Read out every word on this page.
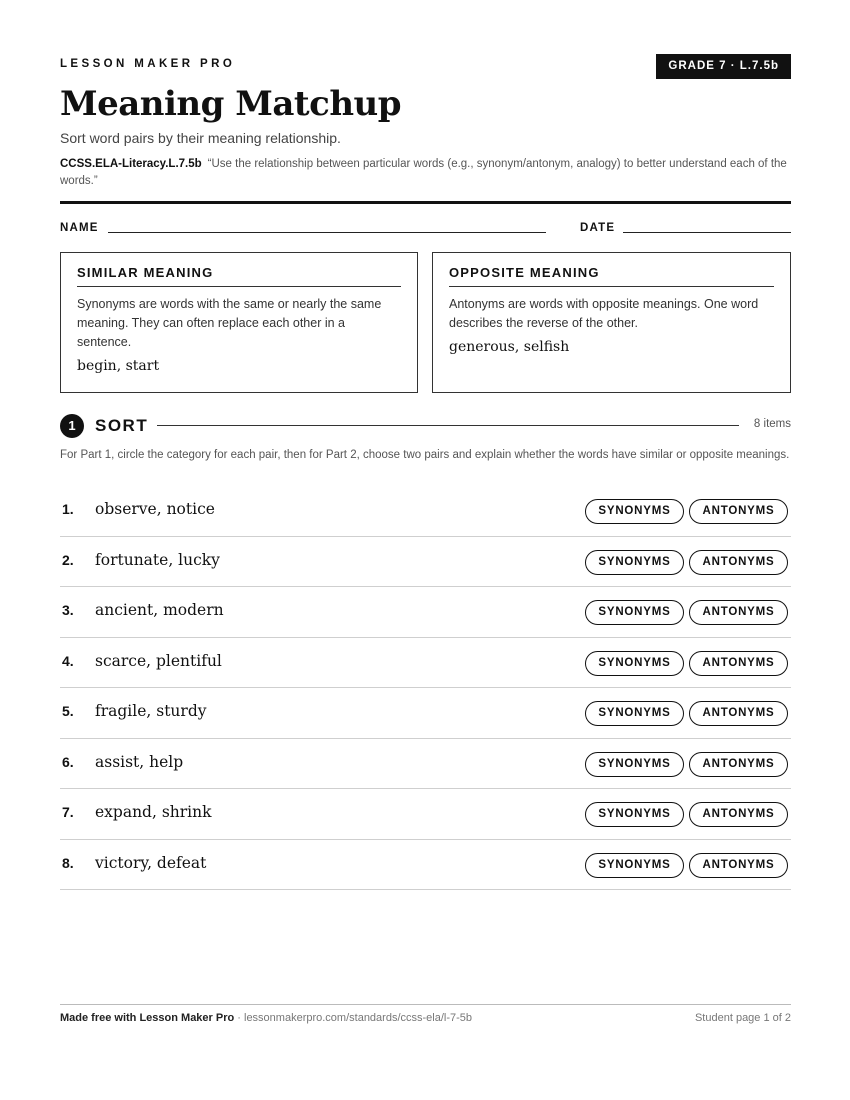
LESSON MAKER PRO	GRADE 7 · L.7.5b
Meaning Matchup
Sort word pairs by their meaning relationship.
CCSS.ELA-Literacy.L.7.5b “Use the relationship between particular words (e.g., synonym/antonym, analogy) to better understand each of the words.”
NAME	DATE
SIMILAR MEANING
Synonyms are words with the same or nearly the same meaning. They can often replace each other in a sentence.
begin, start
OPPOSITE MEANING
Antonyms are words with opposite meanings. One word describes the reverse of the other.
generous, selfish
1	SORT	8 items
For Part 1, circle the category for each pair, then for Part 2, choose two pairs and explain whether the words have similar or opposite meanings.
1. observe, notice	SYNONYMS	ANTONYMS
2. fortunate, lucky	SYNONYMS	ANTONYMS
3. ancient, modern	SYNONYMS	ANTONYMS
4. scarce, plentiful	SYNONYMS	ANTONYMS
5. fragile, sturdy	SYNONYMS	ANTONYMS
6. assist, help	SYNONYMS	ANTONYMS
7. expand, shrink	SYNONYMS	ANTONYMS
8. victory, defeat	SYNONYMS	ANTONYMS
Made free with Lesson Maker Pro · lessonmakerpro.com/standards/ccss-ela/l-7-5b	Student page 1 of 2
